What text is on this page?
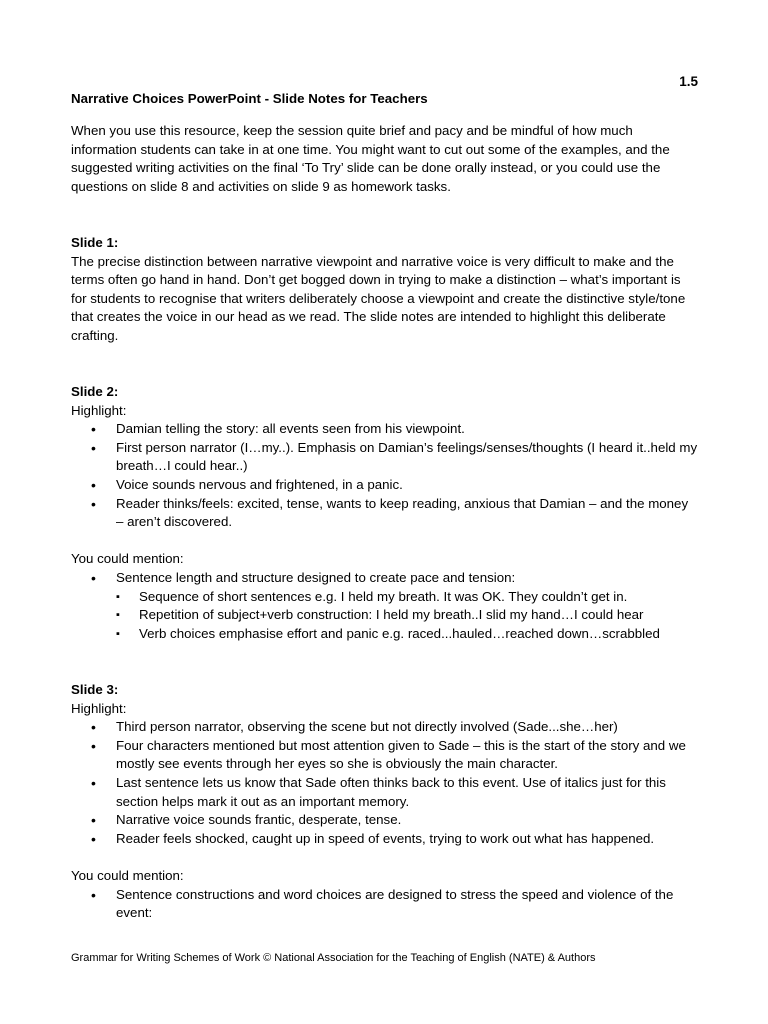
1.5
Narrative Choices PowerPoint - Slide Notes for Teachers

When you use this resource, keep the session quite brief and pacy and be mindful of how much information students can take in at one time. You might want to cut out some of the examples, and the suggested writing activities on the final ‘To Try’ slide can be done orally instead, or you could use the questions on slide 8 and activities on slide 9 as homework tasks.

Slide 1:

The precise distinction between narrative viewpoint and narrative voice is very difficult to make and the terms often go hand in hand. Don’t get bogged down in trying to make a distinction – what’s important is for students to recognise that writers deliberately choose a viewpoint and create the distinctive style/tone that creates the voice in our head as we read. The slide notes are intended to highlight this deliberate crafting.

Slide 2:

Highlight:

• Damian telling the story: all events seen from his viewpoint.
• First person narrator (I…my..). Emphasis on Damian’s feelings/senses/thoughts (I heard it..held my breath…I could hear..)
• Voice sounds nervous and frightened, in a panic.
• Reader thinks/feels: excited, tense, wants to keep reading, anxious that Damian – and the money – aren’t discovered.

You could mention:

• Sentence length and structure designed to create pace and tension:
▪ Sequence of short sentences e.g. I held my breath. It was OK. They couldn’t get in.
▪ Repetition of subject+verb construction: I held my breath..I slid my hand…I could hear
▪ Verb choices emphasise effort and panic e.g. raced...hauled…reached down…scrabbled
Slide 3:

Highlight:

• Third person narrator, observing the scene but not directly involved (Sade...she…her)
• Four characters mentioned but most attention given to Sade – this is the start of the story and we mostly see events through her eyes so she is obviously the main character.
• Last sentence lets us know that Sade often thinks back to this event. Use of italics just for this section helps mark it out as an important memory.
• Narrative voice sounds frantic, desperate, tense.
• Reader feels shocked, caught up in speed of events, trying to work out what has happened.

You could mention:

• Sentence constructions and word choices are designed to stress the speed and violence of the event:
Grammar for Writing Schemes of Work © National Association for the Teaching of English (NATE) & Authors
